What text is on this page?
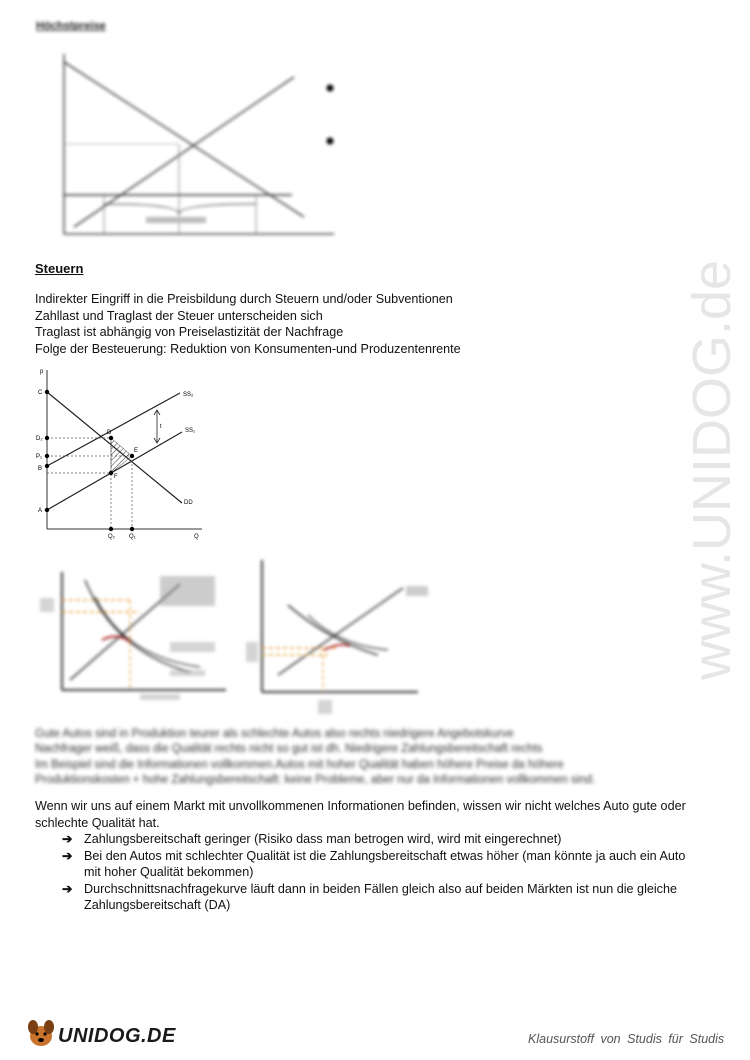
www.UNIDOG.de
Höchstpreise
Steuern
Indirekter Eingriff in die Preisbildung durch Steuern und/oder Subventionen
Zahllast und Traglast der Steuer unterscheiden sich
Traglast ist abhängig von Preiselastizität der Nachfrage
Folge der Besteuerung: Reduktion von Konsumenten-und Produzentenrente
p
C
D₂
P₁
B
A
SS₂
SS₁
t
DD
D
E
F
Q₂ Q₁	Q
Gute Autos sind in Produktion teurer als schlechte Autos also rechts niedrigere Angebotskurve
Nachfrager weiß, dass die Qualität rechts nicht so gut ist dh. Niedrigere Zahlungsbereitschaft rechts
Im Beispiel sind die Informationen vollkommen.Autos mit hoher Qualität haben höhere Preise da höhere
Produktionskosten + hohe Zahlungsbereitschaft: keine Probleme, aber nur da Informationen vollkommen sind.
Wenn wir uns auf einem Markt mit unvollkommenen Informationen befinden, wissen wir nicht welches Auto gute oder schlechte Qualität hat.
➔ Zahlungsbereitschaft geringer (Risiko dass man betrogen wird, wird mit eingerechnet)
➔ Bei den Autos mit schlechter Qualität ist die Zahlungsbereitschaft etwas höher (man könnte ja auch ein Auto mit hoher Qualität bekommen)
➔ Durchschnittsnachfragekurve läuft dann in beiden Fällen gleich also auf beiden Märkten ist nun die gleiche Zahlungsbereitschaft (DA)
UNIDOG.DE	Klausurstoff von Studis für Studis
